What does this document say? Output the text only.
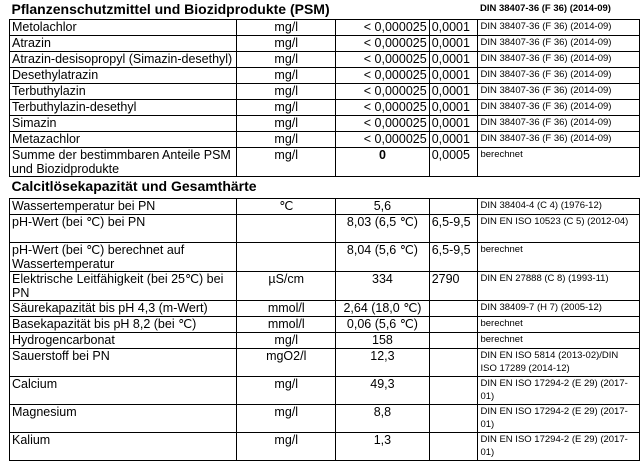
Pflanzenschutzmittel und Biozidprodukte (PSM)				DIN 38407-36 (F 36) (2014-09)
Metolachlor	mg/l	< 0,000025	0,0001	DIN 38407-36 (F 36) (2014-09)
Atrazin	mg/l	< 0,000025	0,0001	DIN 38407-36 (F 36) (2014-09)
Atrazin-desisopropyl (Simazin-desethyl)	mg/l	< 0,000025	0,0001	DIN 38407-36 (F 36) (2014-09)
Desethylatrazin	mg/l	< 0,000025	0,0001	DIN 38407-36 (F 36) (2014-09)
Terbuthylazin	mg/l	< 0,000025	0,0001	DIN 38407-36 (F 36) (2014-09)
Terbuthylazin-desethyl	mg/l	< 0,000025	0,0001	DIN 38407-36 (F 36) (2014-09)
Simazin	mg/l	< 0,000025	0,0001	DIN 38407-36 (F 36) (2014-09)
Metazachlor	mg/l	< 0,000025	0,0001	DIN 38407-36 (F 36) (2014-09)
Summe der bestimmbaren Anteile PSM und Biozidprodukte	mg/l	0	0,0005	berechnet
Calcitlösekapazität und Gesamthärte				
Wassertemperatur bei PN	℃	5,6		DIN 38404-4 (C 4) (1976-12)
pH-Wert (bei ℃) bei PN		8,03 (6,5 ℃)	6,5-9,5	DIN EN ISO 10523 (C 5) (2012-04)
pH-Wert (bei ℃) berechnet auf Wassertemperatur		8,04 (5,6 ℃)	6,5-9,5	berechnet
Elektrische Leitfähigkeit (bei 25℃) bei PN	µS/cm	334	2790	DIN EN 27888 (C 8) (1993-11)
Säurekapazität bis pH 4,3 (m-Wert)	mmol/l	2,64 (18,0 ℃)		DIN 38409-7 (H 7) (2005-12)
Basekapazität bis pH 8,2 (bei ℃)	mmol/l	0,06 (5,6 ℃)		berechnet
Hydrogencarbonat	mg/l	158		berechnet
Sauerstoff bei PN	mgO2/l	12,3		DIN EN ISO 5814 (2013-02)/DIN ISO 17289 (2014-12)
Calcium	mg/l	49,3		DIN EN ISO 17294-2 (E 29) (2017-01)
Magnesium	mg/l	8,8		DIN EN ISO 17294-2 (E 29) (2017-01)
Kalium	mg/l	1,3		DIN EN ISO 17294-2 (E 29) (2017-01)
